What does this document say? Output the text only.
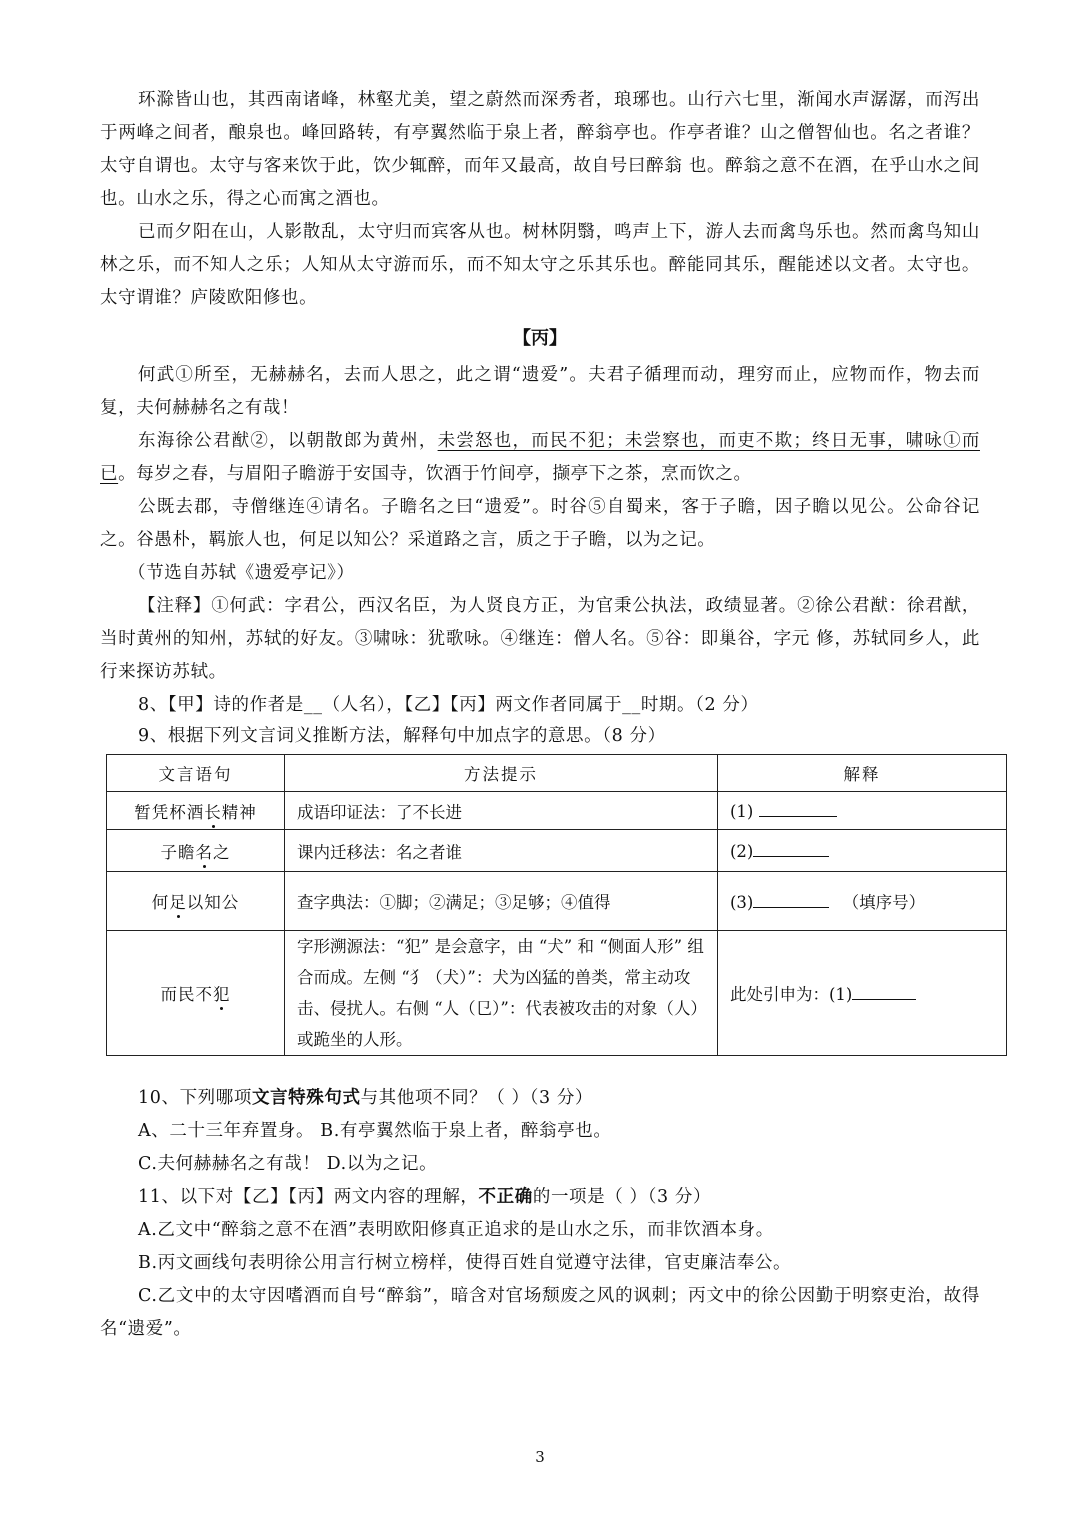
环滁皆山也，其西南诸峰，林壑尤美，望之蔚然而深秀者，琅琊也。山行六七里，渐闻水声潺潺，而泻出于两峰之间者，酿泉也。峰回路转，有亭翼然临于泉上者，醉翁亭也。作亭者谁？山之僧智仙也。名之者谁？太守自谓也。太守与客来饮于此，饮少辄醉，而年又最高，故自号曰醉翁 也。醉翁之意不在酒，在乎山水之间也。山水之乐，得之心而寓之酒也。

已而夕阳在山，人影散乱，太守归而宾客从也。树林阴翳，鸣声上下，游人去而禽鸟乐也。然而禽鸟知山林之乐，而不知人之乐；人知从太守游而乐，而不知太守之乐其乐也。醉能同其乐，醒能述以文者。太守也。太守谓谁？庐陵欧阳修也。

【丙】

何武①所至，无赫赫名，去而人思之，此之谓“遗爱”。夫君子循理而动，理穷而止，应物而作，物去而复，夫何赫赫名之有哉！

东海徐公君猷②，以朝散郎为黄州，未尝怒也，而民不犯；未尝察也，而吏不欺；终日无事，啸咏①而已。每岁之春，与眉阳子瞻游于安国寺，饮酒于竹间亭，撷亭下之茶，烹而饮之。

公既去郡，寺僧继连④请名。子瞻名之曰“遗爱”。时谷⑤自蜀来，客于子瞻，因子瞻以见公。公命谷记之。谷愚朴，羁旅人也，何足以知公？采道路之言，质之于子瞻，以为之记。

（节选自苏轼《遗爱亭记》）

【注释】①何武：字君公，西汉名臣，为人贤良方正，为官秉公执法，政绩显著。②徐公君猷：徐君猷，当时黄州的知州，苏轼的好友。③啸咏：犹歌咏。④继连：僧人名。⑤谷：即巢谷，字元 修，苏轼同乡人，此行来探访苏轼。

8、【甲】诗的作者是__（人名），【乙】【丙】两文作者同属于__时期。（2 分）

9、根据下列文言词义推断方法，解释句中加点字的意思。（8 分）

文言语句	方法提示	解释
暂凭杯酒长精神	成语印证法：了不长进	(1)
子瞻名之	课内迁移法：名之者谁	(2)
何足以知公	查字典法：①脚；②满足；③足够；④值得	(3) （填序号）
而民不犯	字形溯源法：“犯” 是会意字，由 “犬” 和 “侧面人形” 组合而成。左侧 “犭（犬）”：犬为凶猛的兽类，常主动攻击、侵扰人。右侧 “人（㔾）”：代表被攻击的对象（人）或跪坐的人形。	此处引申为：(1)

10、下列哪项文言特殊句式与其他项不同？（ ）（3 分）

A、二十三年弃置身。 B.有亭翼然临于泉上者，醉翁亭也。

C.夫何赫赫名之有哉！ D.以为之记。

11、以下对【乙】【丙】两文内容的理解，不正确的一项是（ ）（3 分）

A.乙文中“醉翁之意不在酒”表明欧阳修真正追求的是山水之乐，而非饮酒本身。

B.丙文画线句表明徐公用言行树立榜样，使得百姓自觉遵守法律，官吏廉洁奉公。

C.乙文中的太守因嗜酒而自号“醉翁”，暗含对官场颓废之风的讽刺；丙文中的徐公因勤于明察吏治，故得名“遗爱”。

3
